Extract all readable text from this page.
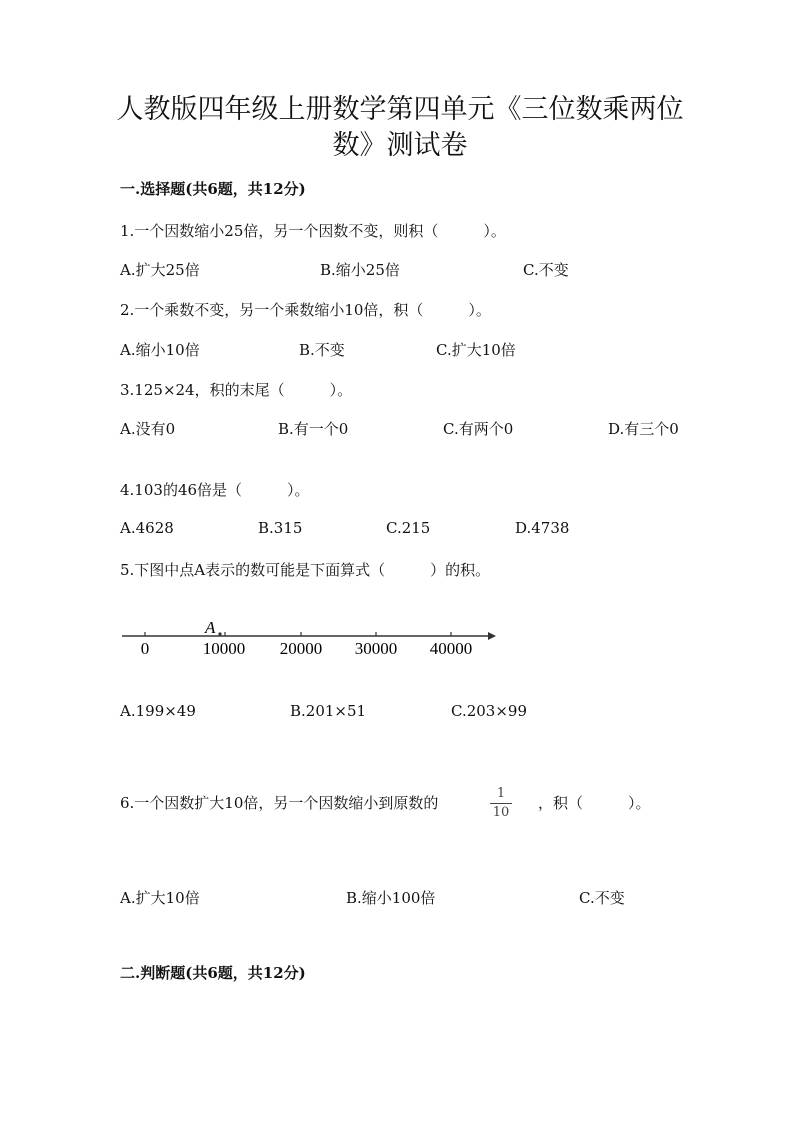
人教版四年级上册数学第四单元《三位数乘两位
数》测试卷
一.选择题(共6题，共12分)
1.一个因数缩小25倍，另一个因数不变，则积（　　　）。
A.扩大25倍	B.缩小25倍	C.不变
2.一个乘数不变，另一个乘数缩小10倍，积（　　　）。
A.缩小10倍	B.不变	C.扩大10倍
3.125×24，积的末尾（　　　）。
A.没有0	B.有一个0	C.有两个0	D.有三个0
4.103的46倍是（　　　）。
A.4628	B.315	C.215	D.4738
5.下图中点A表示的数可能是下面算式（　　　）的积。
A
0	10000 20000 30000 40000
A.199×49	B.201×51	C.203×99
6.一个因数扩大10倍，另一个因数缩小到原数的
1
10
，积（　　　）。
A.扩大10倍	B.缩小100倍	C.不变
二.判断题(共6题，共12分)
